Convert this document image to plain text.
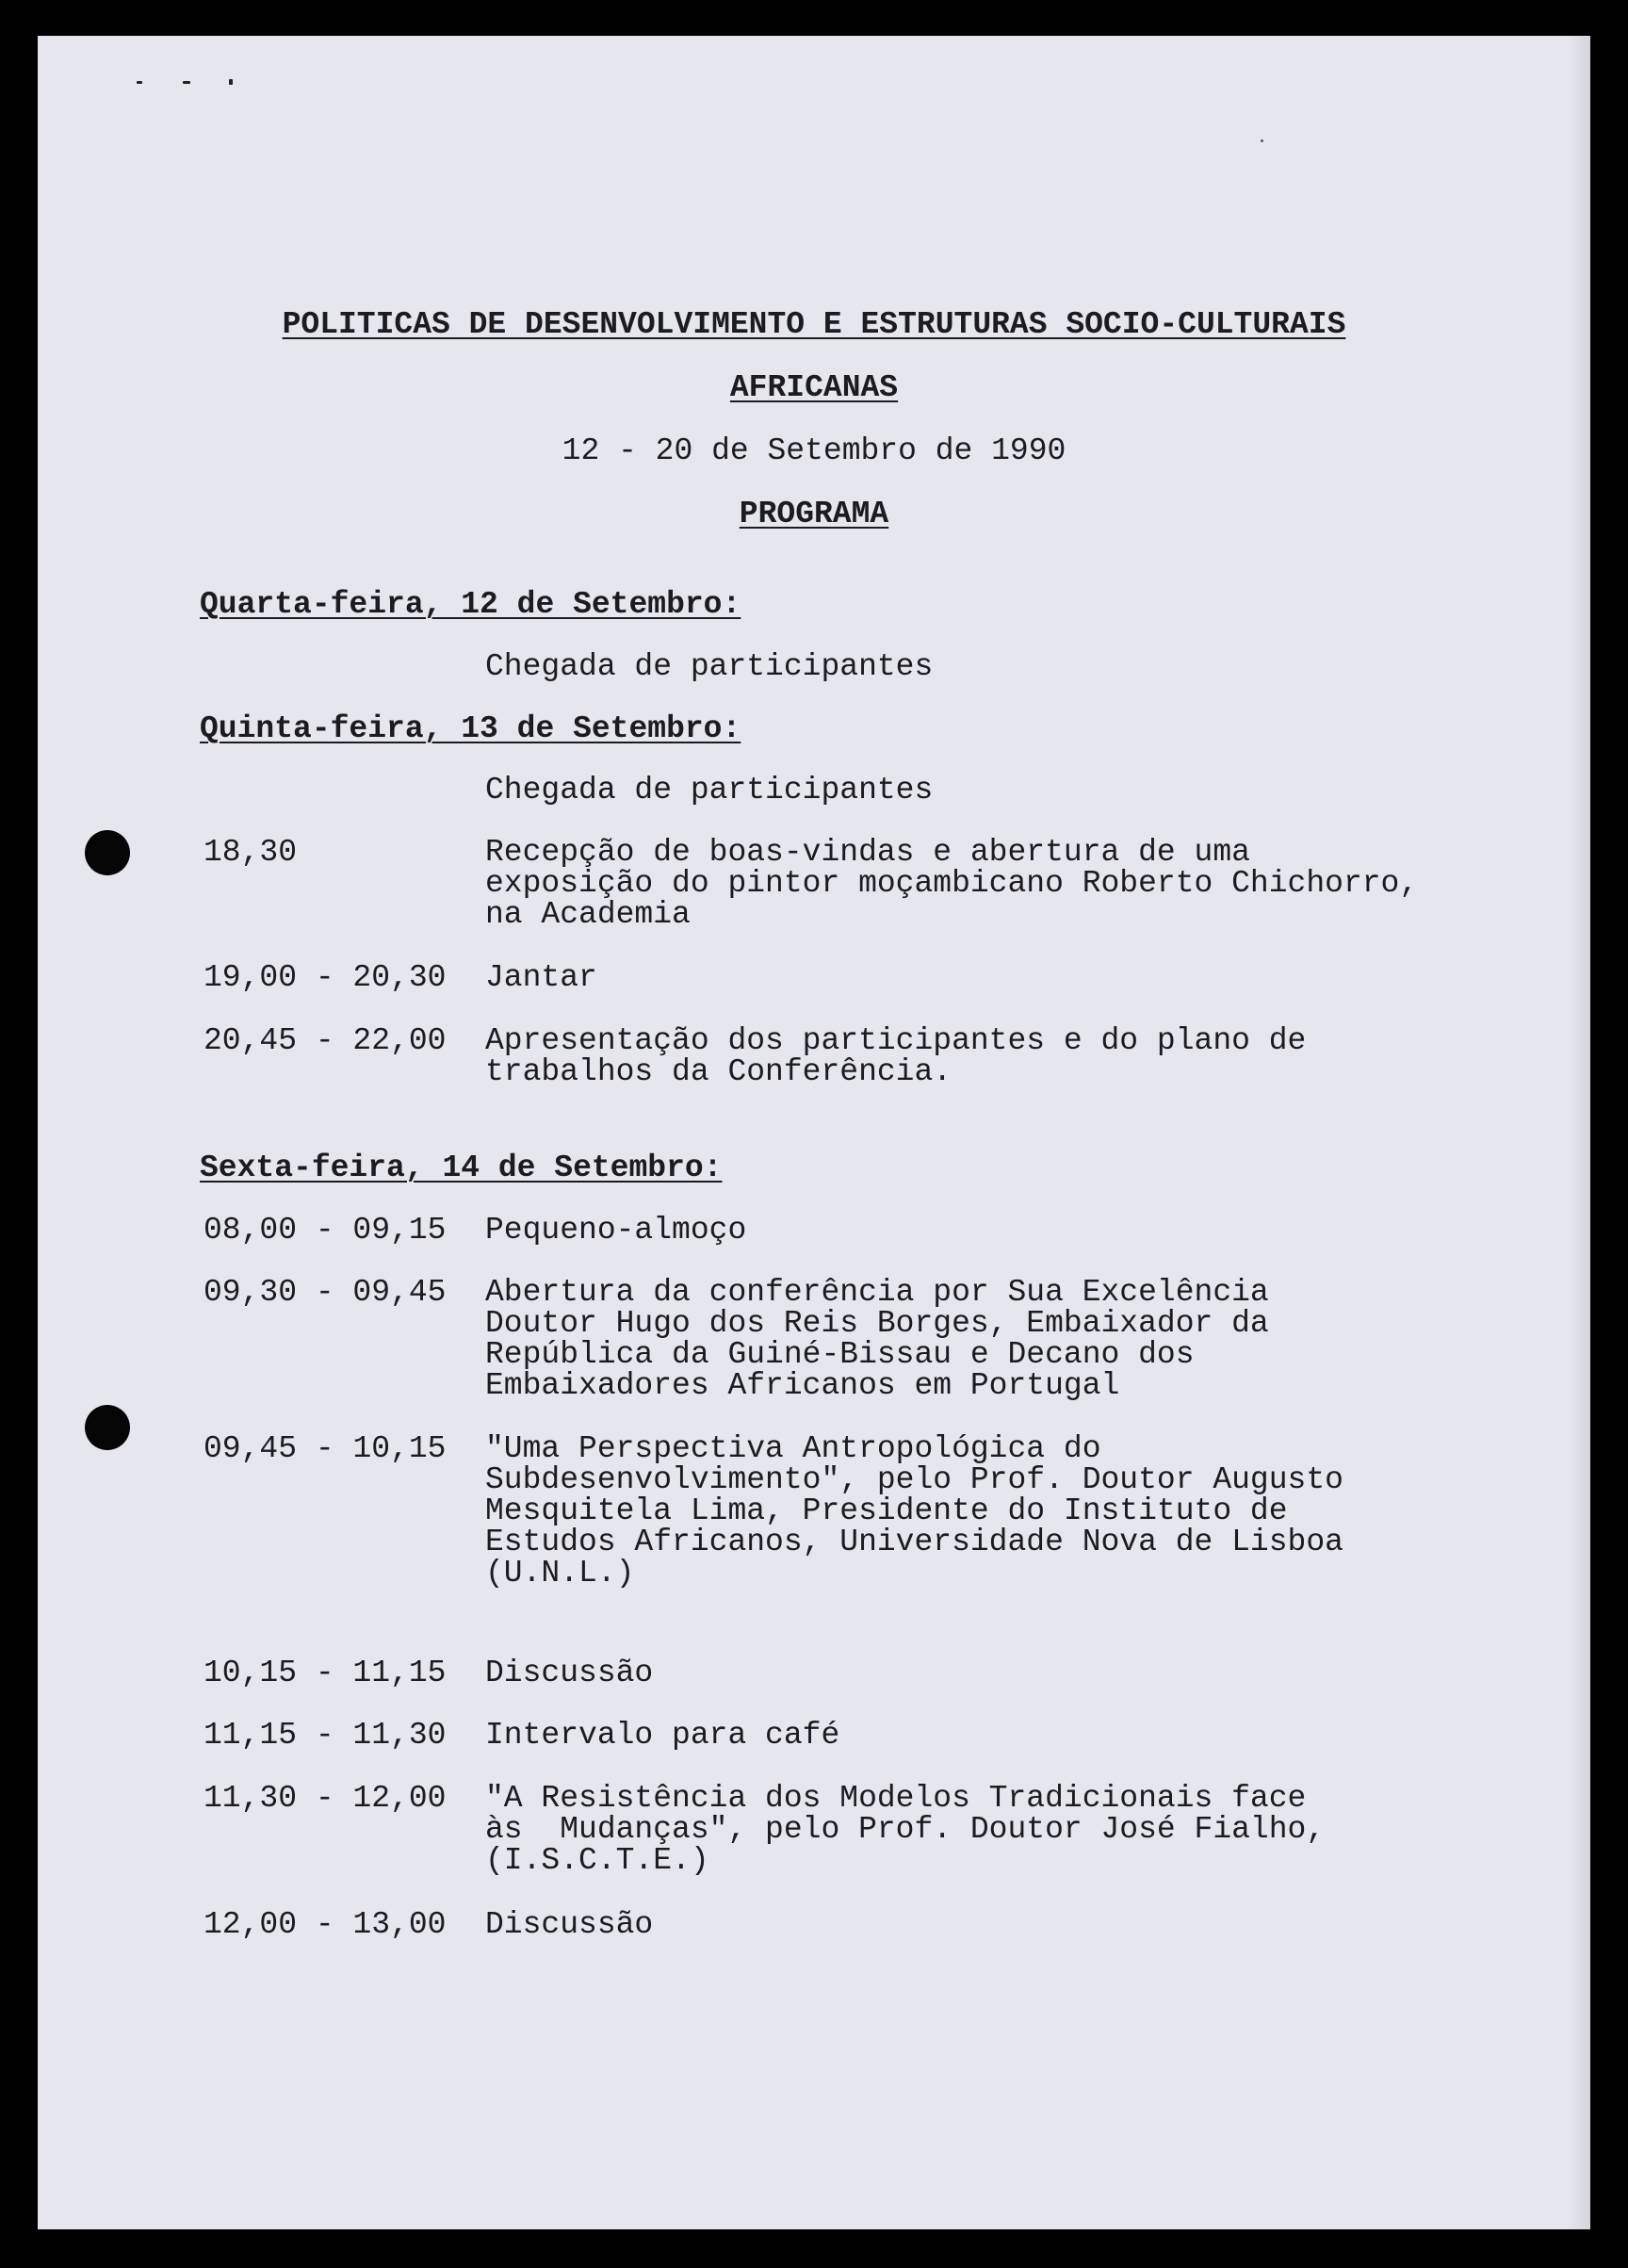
POLITICAS DE DESENVOLVIMENTO E ESTRUTURAS SOCIO-CULTURAIS
AFRICANAS
12 - 20 de Setembro de 1990
PROGRAMA
Quarta-feira, 12 de Setembro:
Chegada de participantes
Quinta-feira, 13 de Setembro:
Chegada de participantes
18,30	Recepção de boas-vindas e abertura de uma
exposição do pintor moçambicano Roberto Chichorro,
na Academia
19,00 - 20,30 Jantar
20,45 - 22,00 Apresentação dos participantes e do plano de
trabalhos da Conferência.
Sexta-feira, 14 de Setembro:
08,00 - 09,15 Pequeno-almoço
09,30 - 09,45 Abertura da conferência por Sua Excelência
Doutor Hugo dos Reis Borges, Embaixador da
República da Guiné-Bissau e Decano dos
Embaixadores Africanos em Portugal
09,45 - 10,15 "Uma Perspectiva Antropológica do
Subdesenvolvimento", pelo Prof. Doutor Augusto
Mesquitela Lima, Presidente do Instituto de
Estudos Africanos, Universidade Nova de Lisboa
(U.N.L.)
10,15 - 11,15 Discussão
11,15 - 11,30 Intervalo para café
11,30 - 12,00 "A Resistência dos Modelos Tradicionais face
às  Mudanças", pelo Prof. Doutor José Fialho,
(I.S.C.T.E.)
12,00 - 13,00 Discussão
